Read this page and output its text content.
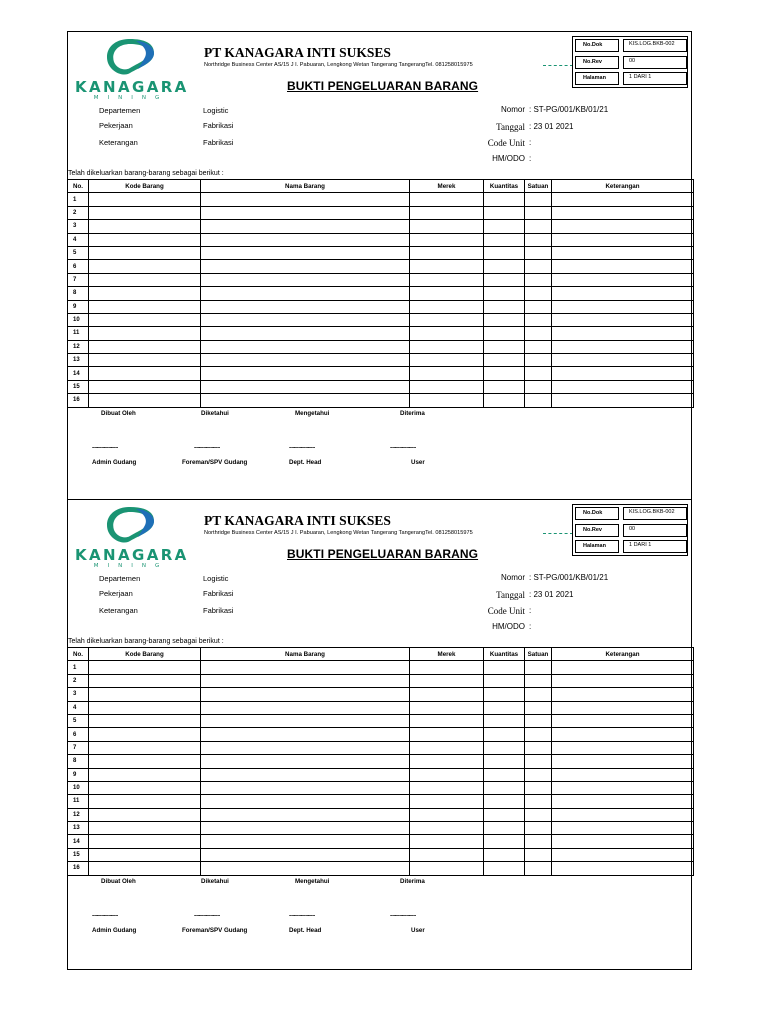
KANAGARA
MINING
PT KANAGARA INTI SUKSES
Northridge Business Center AS/15 J I. Pabuaran, Lengkong Wetan Tangerang TangerangTel. 081258015975
BUKTI PENGELUARAN BARANG
No.Dok	KIS.LOG.BKB-002
No.Rev	00
Halaman	1 DARI 1
Departemen	Logistic
Pekerjaan	Fabrikasi
Keterangan	Fabrikasi
Nomor : ST-PG/001/KB/01/21
Tanggal : 23 01 2021
Code Unit :
HM/ODO :
Telah dikeluarkan barang-barang sebagai berikut :
No.	Kode Barang	Nama Barang	Merek	Kuantitas	Satuan	Keterangan
1						
2						
3						
4						
5						
6						
7						
8						
9						
10						
11						
12						
13						
14						
15						
16						
Dibuat Oleh	Diketahui	Mengetahui	Diterima
......................	......................	......................	......................
Admin Gudang	Foreman/SPV Gudang	Dept. Head	User
KANAGARA
MINING
PT KANAGARA INTI SUKSES
Northridge Business Center AS/15 J I. Pabuaran, Lengkong Wetan Tangerang TangerangTel. 081258015975
BUKTI PENGELUARAN BARANG
No.Dok	KIS.LOG.BKB-002
No.Rev	00
Halaman	1 DARI 1
Departemen	Logistic
Pekerjaan	Fabrikasi
Keterangan	Fabrikasi
Nomor : ST-PG/001/KB/01/21
Tanggal : 23 01 2021
Code Unit :
HM/ODO :
Telah dikeluarkan barang-barang sebagai berikut :
No.	Kode Barang	Nama Barang	Merek	Kuantitas	Satuan	Keterangan
1						
2						
3						
4						
5						
6						
7						
8						
9						
10						
11						
12						
13						
14						
15						
16						
Dibuat Oleh	Diketahui	Mengetahui	Diterima
......................	......................	......................	......................
Admin Gudang	Foreman/SPV Gudang	Dept. Head	User
